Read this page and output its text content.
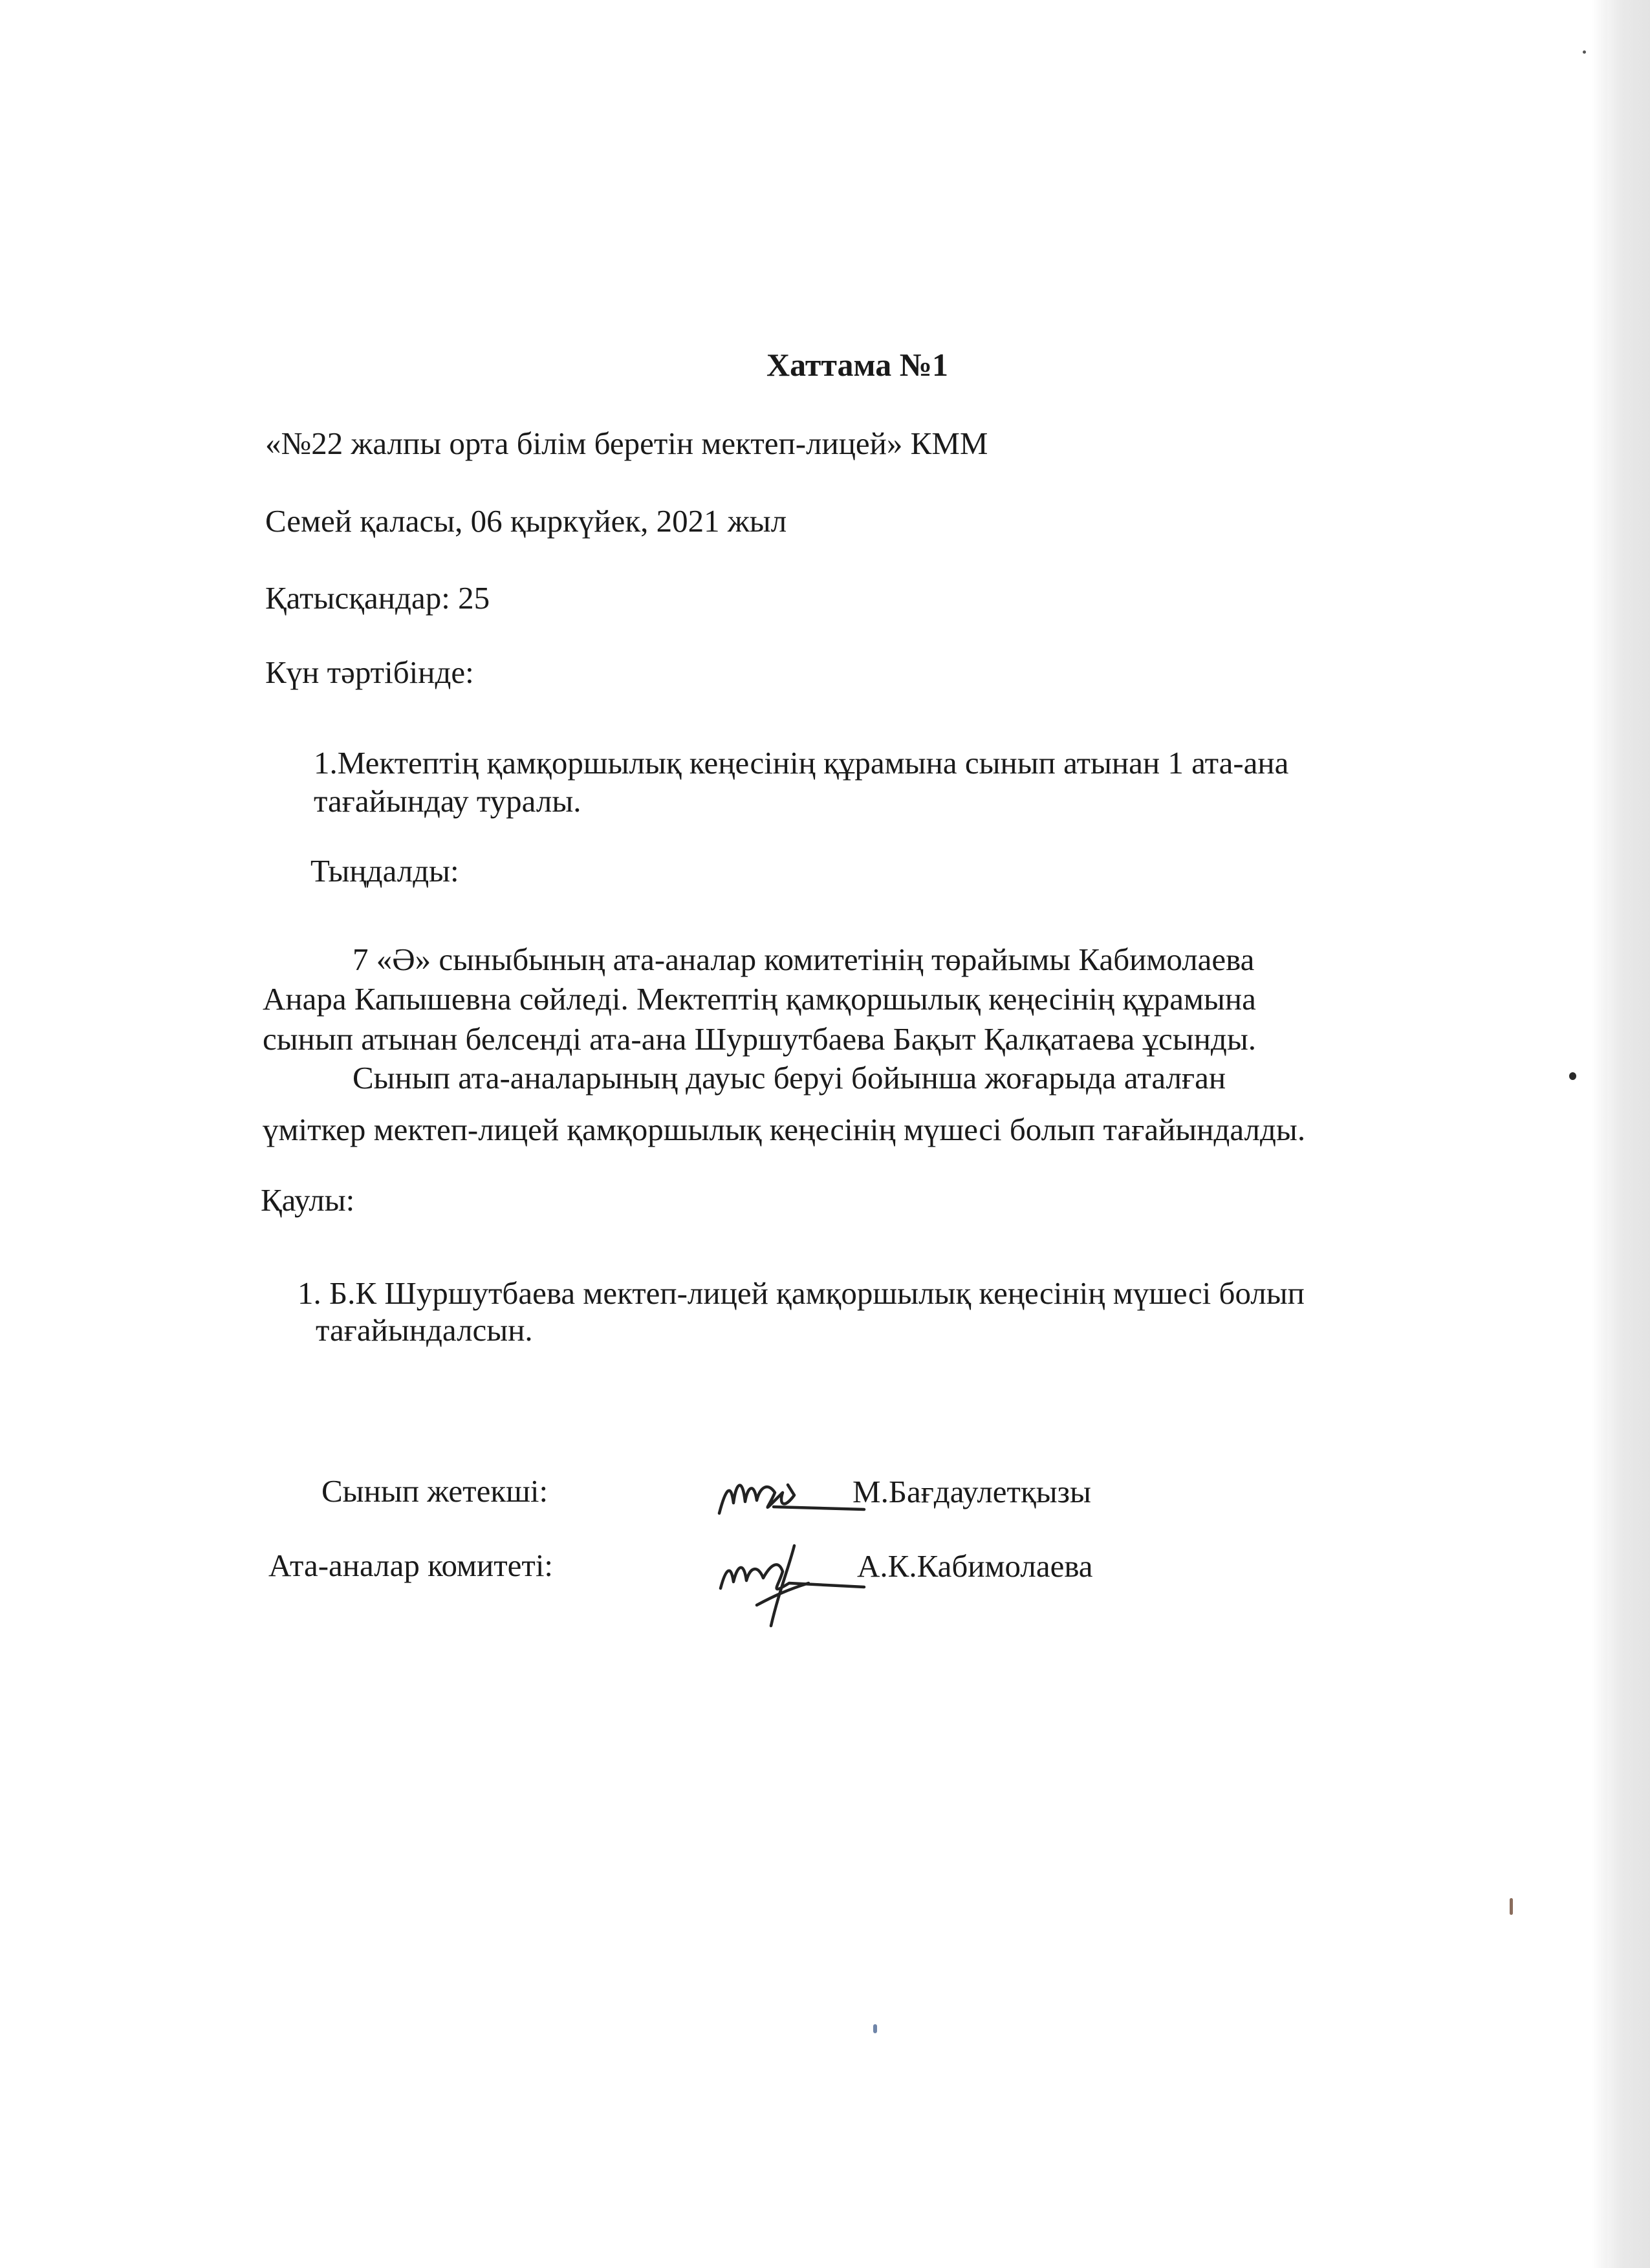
Хаттама №1
«№22 жалпы орта білім беретін мектеп-лицей» КММ
Семей қаласы, 06 қыркүйек, 2021 жыл
Қатысқандар: 25
Күн тәртібінде:
1.Мектептің қамқоршылық кеңесінің құрамына сынып атынан 1 ата-ана
тағайындау туралы.
Тыңдалды:
7 «Ә» сыныбының ата-аналар комитетінің төрайымы Кабимолаева
Анара Капышевна сөйледі. Мектептің қамқоршылық кеңесінің құрамына
сынып атынан белсенді ата-ана Шуршутбаева Бақыт Қалқатаева ұсынды.
Сынып ата-аналарының дауыс беруі бойынша жоғарыда аталған
үміткер мектеп-лицей қамқоршылық кеңесінің мүшесі болып тағайындалды.
Қаулы:
1. Б.К Шуршутбаева мектеп-лицей қамқоршылық кеңесінің мүшесі болып
тағайындалсын.
Сынып жетекші:	М.Бағдаулетқызы
Ата-аналар комитеті:	А.К.Кабимолаева
